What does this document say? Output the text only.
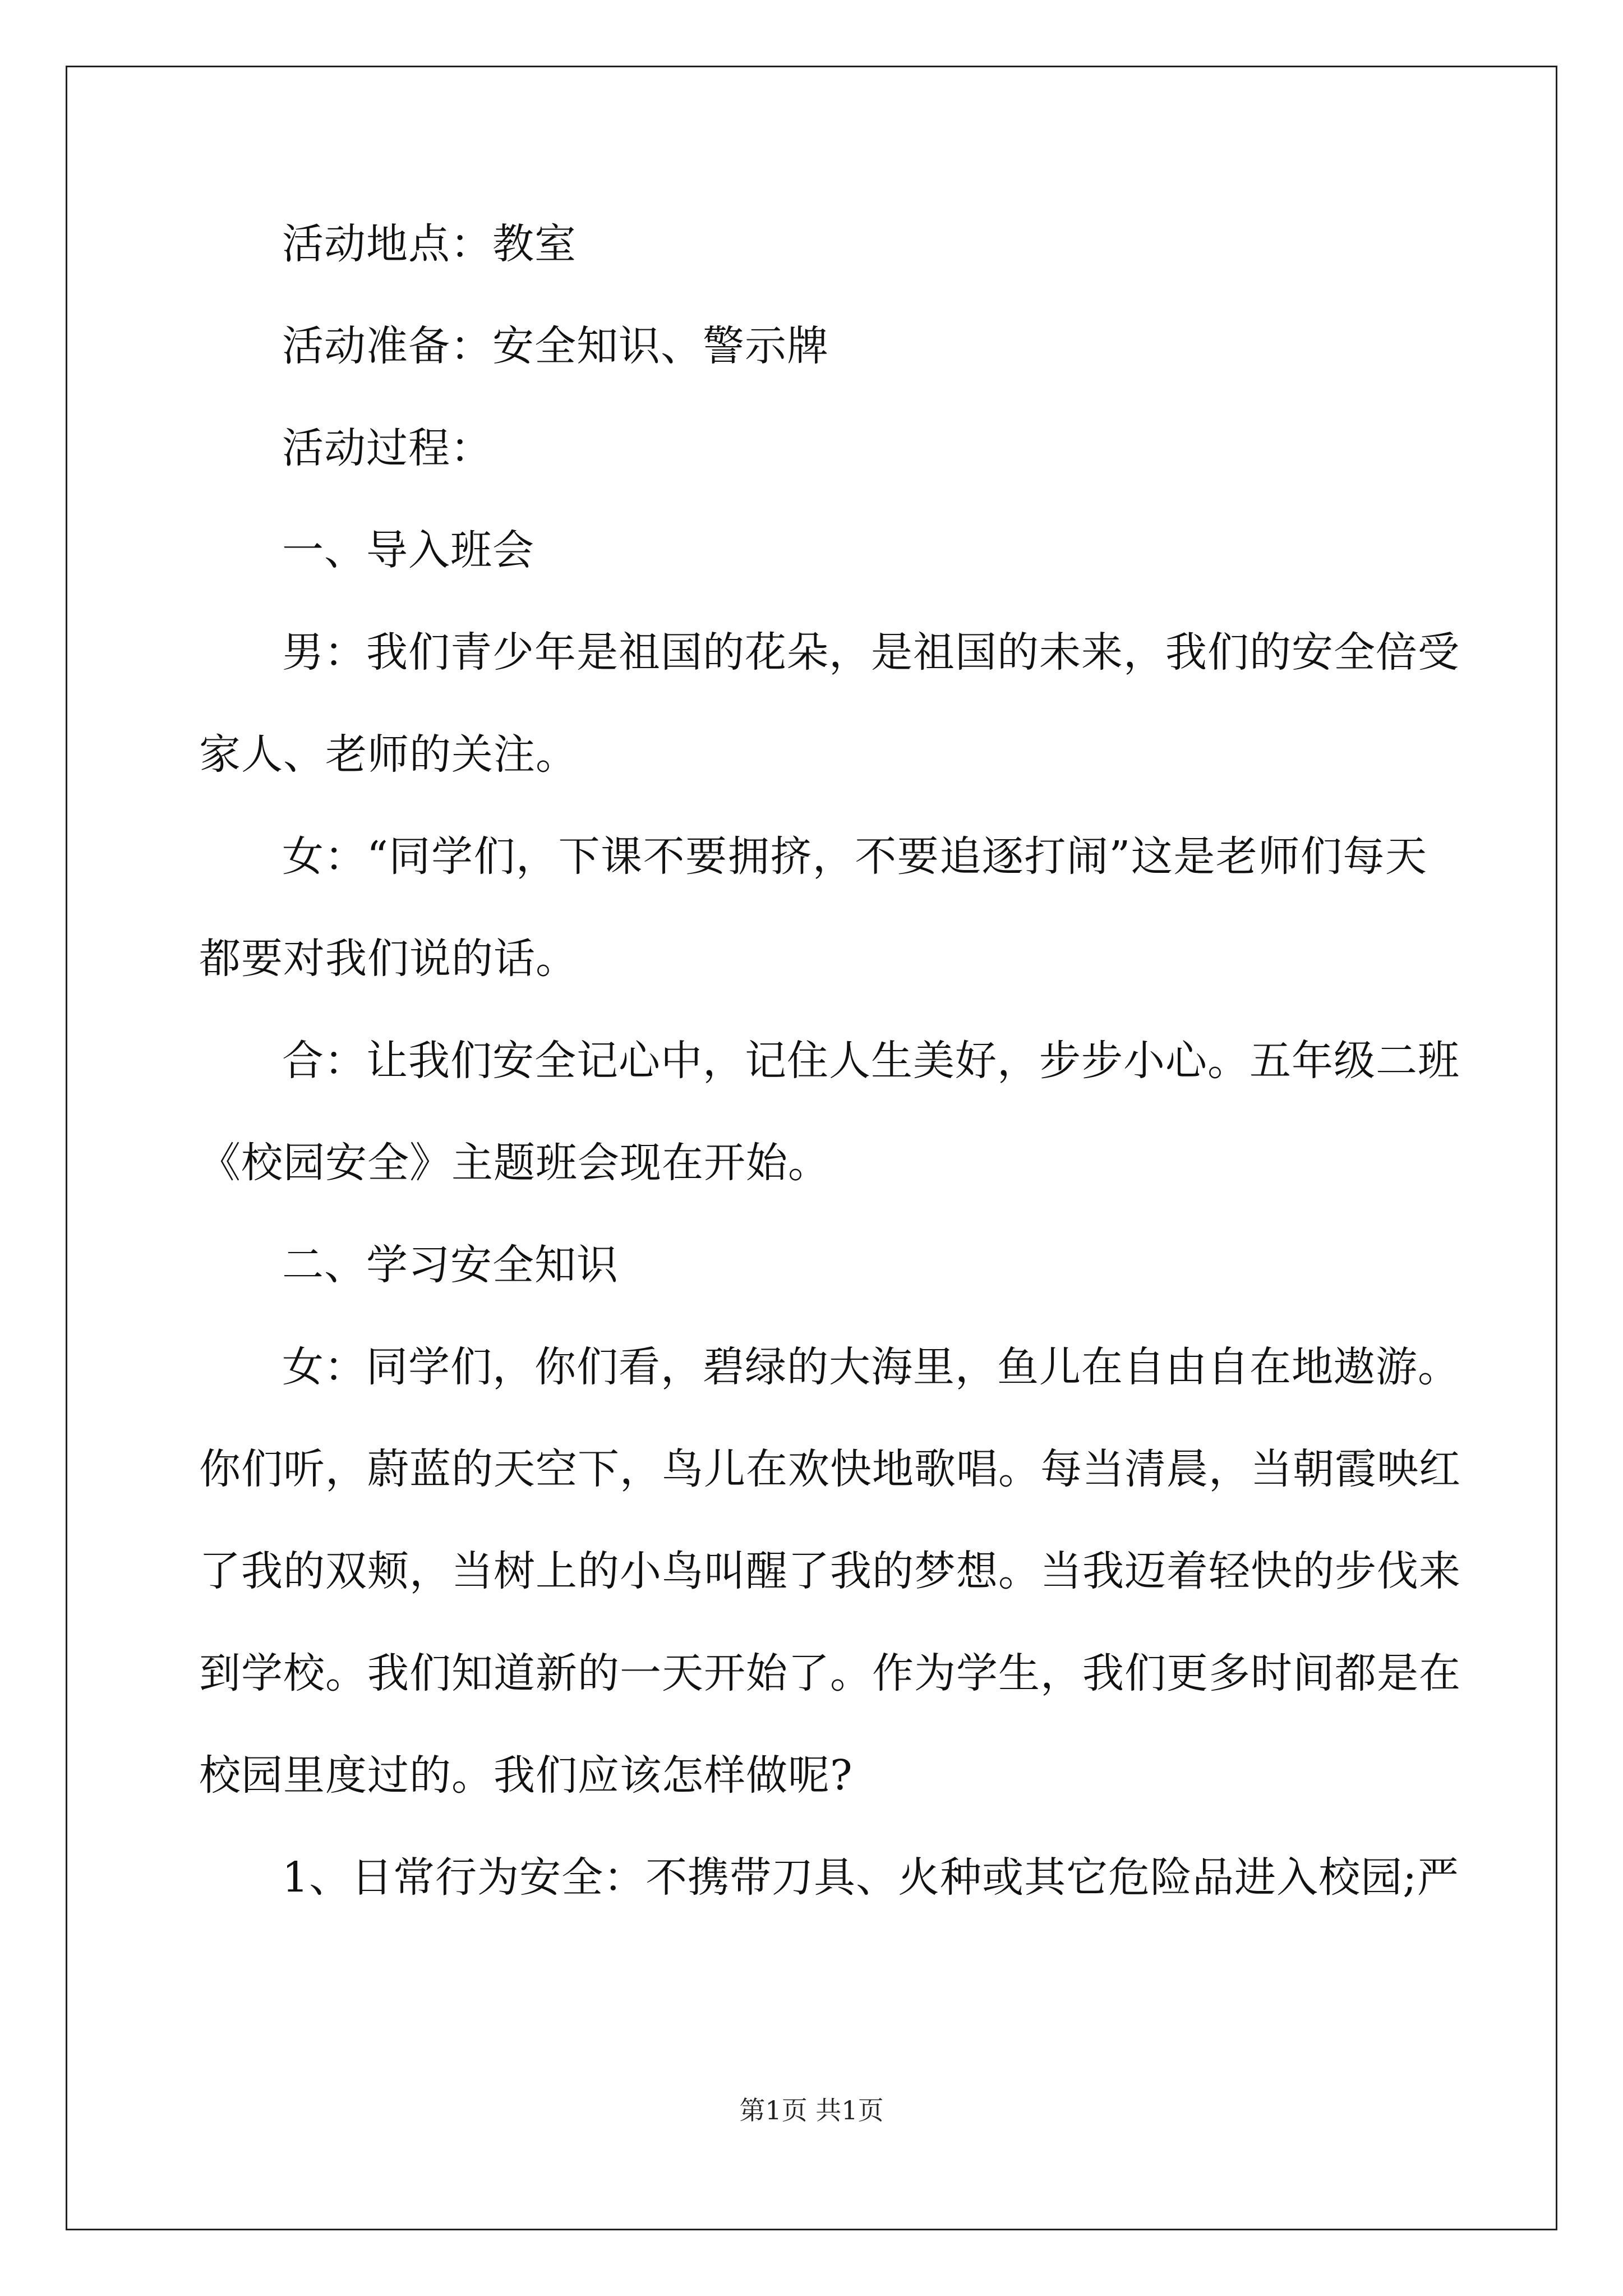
活动地点：教室
活动准备：安全知识、警示牌
活动过程：
一、导入班会
男：我们青少年是祖国的花朵，是祖国的未来，我们的安全倍受
家人、老师的关注。
女：“同学们，下课不要拥挤，不要追逐打闹”这是老师们每天
都要对我们说的话。
合：让我们安全记心中，记住人生美好，步步小心。五年级二班
《校园安全》主题班会现在开始。
二、学习安全知识
女：同学们，你们看，碧绿的大海里，鱼儿在自由自在地遨游。
你们听，蔚蓝的天空下，鸟儿在欢快地歌唱。每当清晨，当朝霞映红
了我的双颊，当树上的小鸟叫醒了我的梦想。当我迈着轻快的步伐来
到学校。我们知道新的一天开始了。作为学生，我们更多时间都是在
校园里度过的。我们应该怎样做呢?
1、日常行为安全：不携带刀具、火种或其它危险品进入校园;严
第1页 共1页
